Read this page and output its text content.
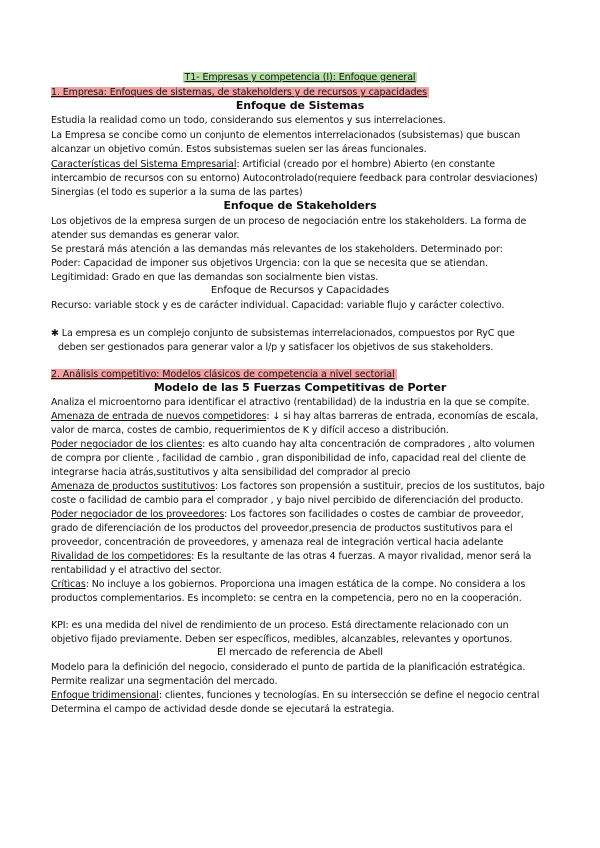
T1- Empresas y competencia (I): Enfoque general
1. Empresa: Enfoques de sistemas, de stakeholders y de recursos y capacidades
Enfoque de Sistemas
Estudia la realidad como un todo, considerando sus elementos y sus interrelaciones.
La Empresa se concibe como un conjunto de elementos interrelacionados (subsistemas) que buscan
alcanzar un objetivo común. Estos subsistemas suelen ser las áreas funcionales.
Características del Sistema Empresarial: Artificial (creado por el hombre) Abierto (en constante
intercambio de recursos con su entorno) Autocontrolado(requiere feedback para controlar desviaciones)
Sinergias (el todo es superior a la suma de las partes)
Enfoque de Stakeholders
Los objetivos de la empresa surgen de un proceso de negociación entre los stakeholders. La forma de
atender sus demandas es generar valor.
Se prestará más atención a las demandas más relevantes de los stakeholders. Determinado por:
Poder: Capacidad de imponer sus objetivos Urgencia: con la que se necesita que se atiendan.
Legitimidad: Grado en que las demandas son socialmente bien vistas.
Enfoque de Recursos y Capacidades
Recurso: variable stock y es de carácter individual. Capacidad: variable flujo y carácter colectivo.
✱ La empresa es un complejo conjunto de subsistemas interrelacionados, compuestos por RyC que
deben ser gestionados para generar valor a l/p y satisfacer los objetivos de sus stakeholders.
2. Análisis competitivo: Modelos clásicos de competencia a nivel sectorial
Modelo de las 5 Fuerzas Competitivas de Porter
Analiza el microentorno para identificar el atractivo (rentabilidad) de la industria en la que se compite.
Amenaza de entrada de nuevos competidores: ↓ si hay altas barreras de entrada, economías de escala,
valor de marca, costes de cambio, requerimientos de K y difícil acceso a distribución.
Poder negociador de los clientes: es alto cuando hay alta concentración de compradores , alto volumen
de compra por cliente , facilidad de cambio , gran disponibilidad de info, capacidad real del cliente de
integrarse hacia atrás,sustitutivos y alta sensibilidad del comprador al precio
Amenaza de productos sustitutivos: Los factores son propensión a sustituir, precios de los sustitutos, bajo
coste o facilidad de cambio para el comprador , y bajo nivel percibido de diferenciación del producto.
Poder negociador de los proveedores: Los factores son facilidades o costes de cambiar de proveedor,
grado de diferenciación de los productos del proveedor,presencia de productos sustitutivos para el
proveedor, concentración de proveedores, y amenaza real de integración vertical hacia adelante
Rivalidad de los competidores: Es la resultante de las otras 4 fuerzas. A mayor rivalidad, menor será la
rentabilidad y el atractivo del sector.
Críticas: No incluye a los gobiernos. Proporciona una imagen estática de la compe. No considera a los
productos complementarios. Es incompleto: se centra en la competencia, pero no en la cooperación.
KPI: es una medida del nivel de rendimiento de un proceso. Está directamente relacionado con un
objetivo fijado previamente. Deben ser específicos, medibles, alcanzables, relevantes y oportunos.
El mercado de referencia de Abell
Modelo para la definición del negocio, considerado el punto de partida de la planificación estratégica.
Permite realizar una segmentación del mercado.
Enfoque tridimensional: clientes, funciones y tecnologías. En su intersección se define el negocio central
Determina el campo de actividad desde donde se ejecutará la estrategia.
